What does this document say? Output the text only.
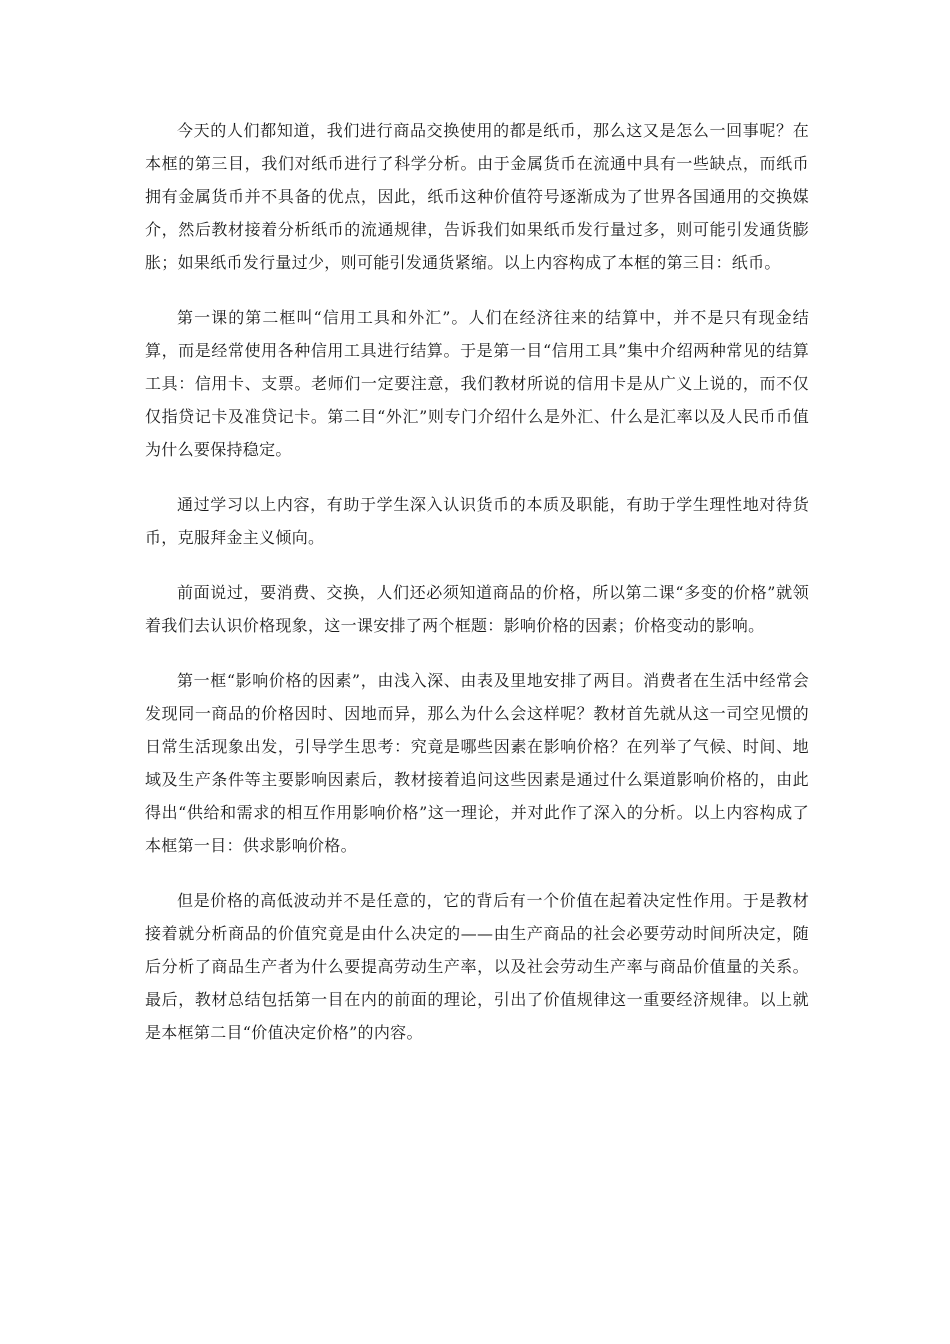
今天的人们都知道，我们进行商品交换使用的都是纸币，那么这又是怎么一回事呢？在本框的第三目，我们对纸币进行了科学分析。由于金属货币在流通中具有一些缺点，而纸币拥有金属货币并不具备的优点，因此，纸币这种价值符号逐渐成为了世界各国通用的交换媒介，然后教材接着分析纸币的流通规律，告诉我们如果纸币发行量过多，则可能引发通货膨胀；如果纸币发行量过少，则可能引发通货紧缩。以上内容构成了本框的第三目：纸币。

第一课的第二框叫“信用工具和外汇”。人们在经济往来的结算中，并不是只有现金结算，而是经常使用各种信用工具进行结算。于是第一目“信用工具”集中介绍两种常见的结算工具：信用卡、支票。老师们一定要注意，我们教材所说的信用卡是从广义上说的，而不仅仅指贷记卡及准贷记卡。第二目“外汇”则专门介绍什么是外汇、什么是汇率以及人民币币值为什么要保持稳定。

通过学习以上内容，有助于学生深入认识货币的本质及职能，有助于学生理性地对待货币，克服拜金主义倾向。

前面说过，要消费、交换，人们还必须知道商品的价格，所以第二课“多变的价格”就领着我们去认识价格现象，这一课安排了两个框题：影响价格的因素；价格变动的影响。

第一框“影响价格的因素”，由浅入深、由表及里地安排了两目。消费者在生活中经常会发现同一商品的价格因时、因地而异，那么为什么会这样呢？教材首先就从这一司空见惯的日常生活现象出发，引导学生思考：究竟是哪些因素在影响价格？在列举了气候、时间、地域及生产条件等主要影响因素后，教材接着追问这些因素是通过什么渠道影响价格的，由此得出“供给和需求的相互作用影响价格”这一理论，并对此作了深入的分析。以上内容构成了本框第一目：供求影响价格。

但是价格的高低波动并不是任意的，它的背后有一个价值在起着决定性作用。于是教材接着就分析商品的价值究竟是由什么决定的——由生产商品的社会必要劳动时间所决定，随后分析了商品生产者为什么要提高劳动生产率，以及社会劳动生产率与商品价值量的关系。最后，教材总结包括第一目在内的前面的理论，引出了价值规律这一重要经济规律。以上就是本框第二目“价值决定价格”的内容。
